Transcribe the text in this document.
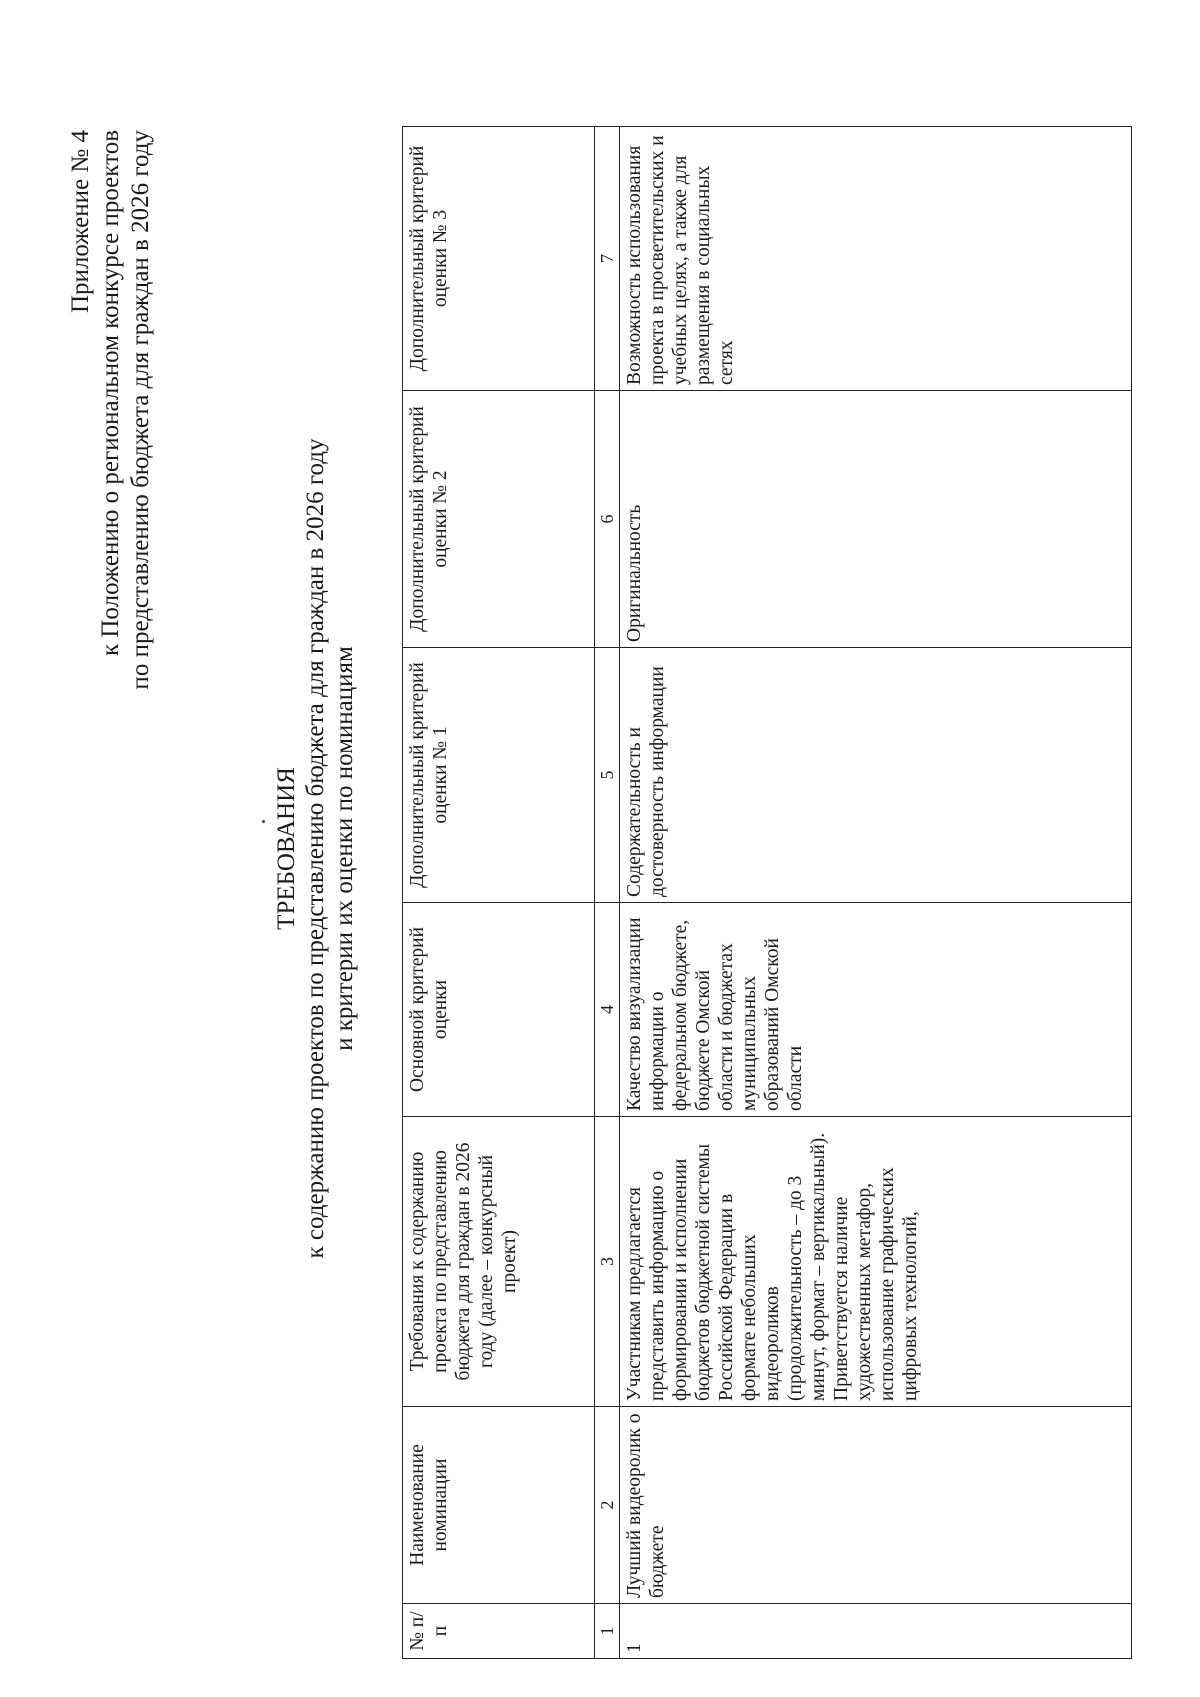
Приложение № 4 к Положению о региональном конкурсе проектов по представлению бюджета для граждан в 2026 году
ТРЕБОВАНИЯ к содержанию проектов по представлению бюджета для граждан в 2026 году и критерии их оценки по номинациям
№ п/п	Наименование номинации	Требования к содержанию проекта по представлению бюджета для граждан в 2026 году (далее – конкурсный проект)	Основной критерий оценки	Дополнительный критерий оценки № 1	Дополнительный критерий оценки № 2	Дополнительный критерий оценки № 3
1	2	3	4	5	6	7
1	Лучший видеоролик о бюджете	Участникам предлагается представить информацию о формировании и исполнении бюджетов бюджетной системы Российской Федерации в формате небольших видеороликов (продолжительность – до 3 минут, формат – вертикальный). Приветствуется наличие художественных метафор, использование графических цифровых технологий,	Качество визуализации информации о федеральном бюджете, бюджете Омской области и бюджетах муниципальных образований Омской области	Содержательность и достоверность информации	Оригинальность	Возможность использования проекта в просветительских и учебных целях, а также для размещения в социальных сетях
